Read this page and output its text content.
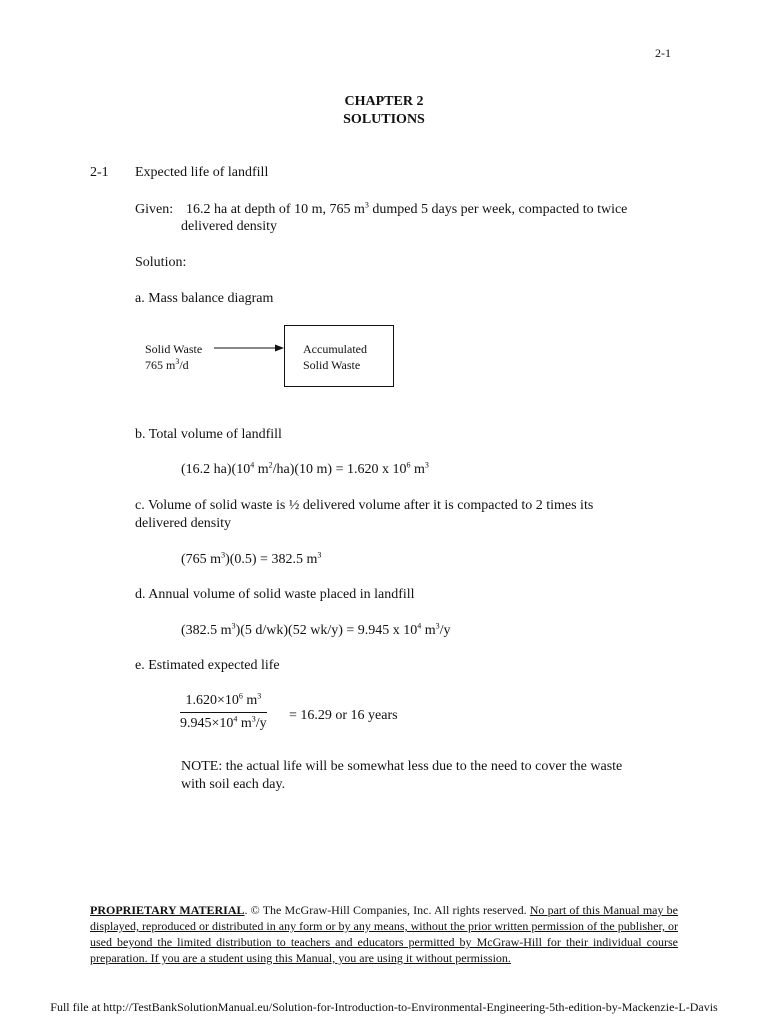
2-1
CHAPTER 2
SOLUTIONS
2-1 Expected life of landfill
Given: 16.2 ha at depth of 10 m, 765 $m^3$ dumped 5 days per week, compacted to twice
delivered density
Solution:
a. Mass balance diagram
Solid Waste
765 $m^3/d$
Accumulated
Solid Waste
b. Total volume of landfill
(16.2 $ha)(10^4$ $m^2/ha)(10$ m) = 1.620 x $10^6$ $m^3$
c. Volume of solid waste is ½ delivered volume after it is compacted to 2 times its
delivered density
(765 $m^3)(0.5) = 382.5$ $m^3$
d. Annual volume of solid waste placed in landfill
(382.5 $m^3)(5$ d/wk)(52 wk/y) = 9.945 x $10^4$ $m^3/y$
e. Estimated expected life
$\frac{1.620\times 10^6 m^3}{9.945\times 10^4 m^3/y} = 16.29$ or 16 years
NOTE: the actual life will be somewhat less due to the need to cover the waste
with soil each day.
PROPRIETARY MATERIAL. © The McGraw-Hill Companies, Inc. All rights reserved. No part of this Manual may be displayed, reproduced or distributed in any form or by any means, without the prior written permission of the publisher, or used beyond the limited distribution to teachers and educators permitted by McGraw-Hill for their individual course preparation. If you are a student using this Manual, you are using it without permission.
Full file at http://TestBankSolutionManual.eu/Solution-for-Introduction-to-Environmental-Engineering-5th-edition-by-Mackenzie-L-Davis
